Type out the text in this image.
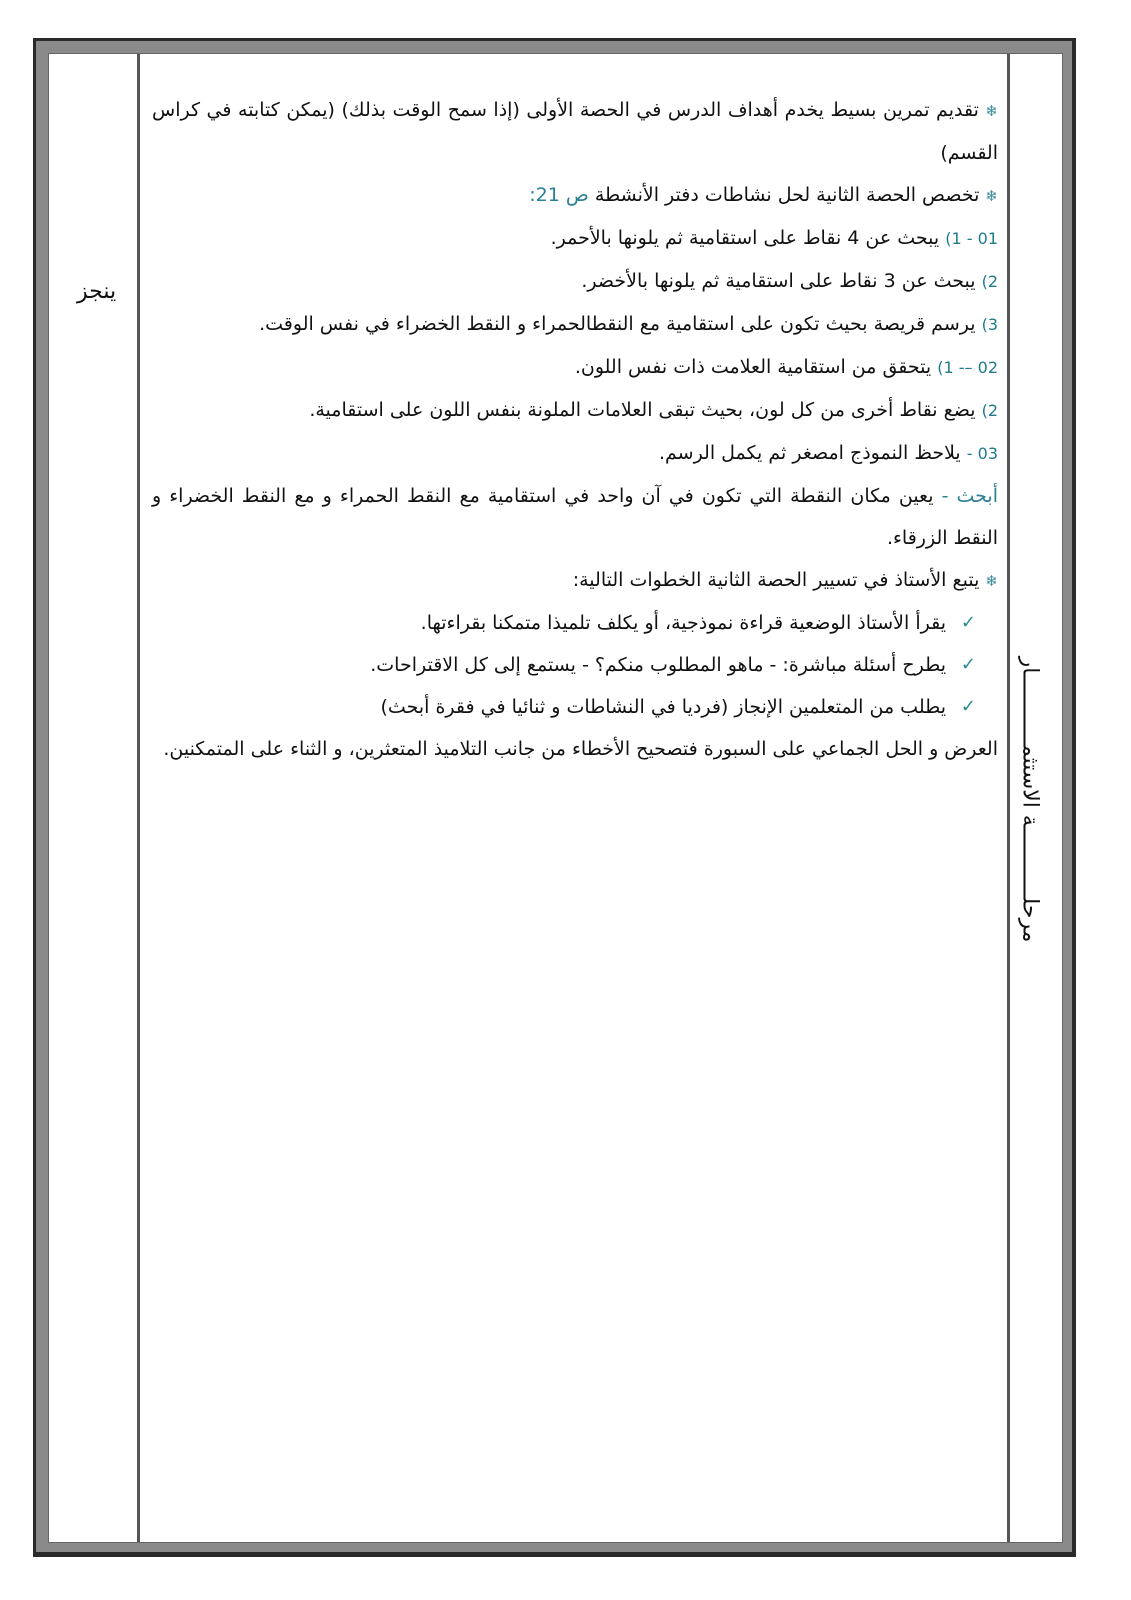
ينجز
مرحلـــــــــــة الاستثمـــــــــــار

❄ تقديم تمرين بسيط يخدم أهداف الدرس في الحصة الأولى (إذا سمح الوقت بذلك) (يمكن كتابته في كراس القسم)

❄ تخصص الحصة الثانية لحل نشاطات دفتر الأنشطة ص 21:

01 - 1) يبحث عن 4 نقاط على استقامية ثم يلونها بالأحمر.

2) يبحث عن 3 نقاط على استقامية ثم يلونها بالأخضر.

3) يرسم قريصة بحيث تكون على استقامية مع النقطالحمراء و النقط الخضراء في نفس الوقت.

02 –- 1) يتحقق من استقامية العلامت ذات نفس اللون.

2) يضع نقاط أخرى من كل لون، بحيث تبقى العلامات الملونة بنفس اللون على استقامية.

03 - يلاحظ النموذج امصغر ثم يكمل الرسم.

أبحث - يعين مكان النقطة التي تكون في آن واحد في استقامية مع النقط الحمراء و مع النقط الخضراء و النقط الزرقاء.

❄ يتبع الأستاذ في تسيير الحصة الثانية الخطوات التالية:

✓
يقرأ الأستاذ الوضعية قراءة نموذجية، أو يكلف تلميذا متمكنا بقراءتها.
✓
يطرح أسئلة مباشرة: - ماهو المطلوب منكم؟ - يستمع إلى كل الاقتراحات.
✓
يطلب من المتعلمين الإنجاز (فرديا في النشاطات و ثنائيا في فقرة أبحث)

العرض و الحل الجماعي على السبورة فتصحيح الأخطاء من جانب التلاميذ المتعثرين، و الثناء على المتمكنين.
